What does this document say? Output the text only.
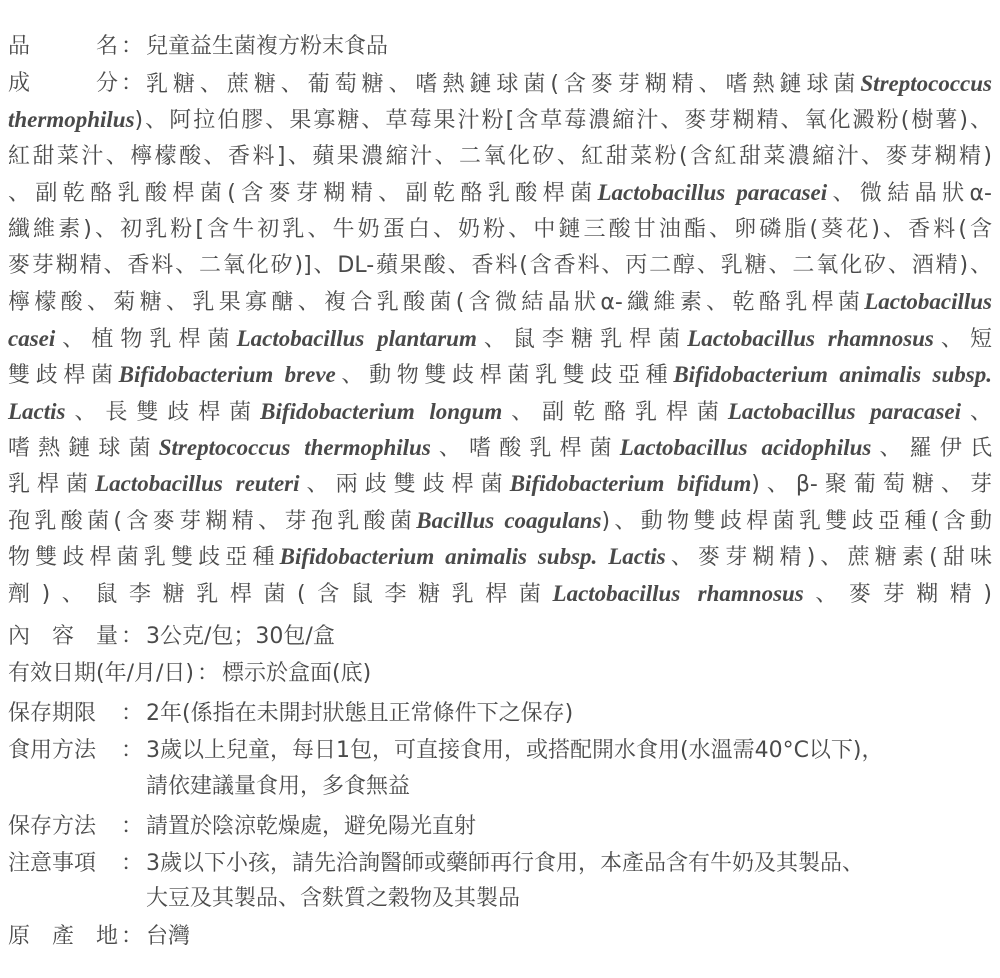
品	名 ： 兒童益生菌複方粉末食品
成	分 ： 乳糖、蔗糖、葡萄糖、嗜熱鏈球菌(含麥芽糊精、嗜熱鏈球菌Streptococcus
thermophilus)、阿拉伯膠、果寡糖、草莓果汁粉[含草莓濃縮汁、麥芽糊精、氧化澱粉(樹薯)、
紅甜菜汁、檸檬酸、香料]、蘋果濃縮汁、二氧化矽、紅甜菜粉(含紅甜菜濃縮汁、麥芽糊精)
、副乾酪乳酸桿菌(含麥芽糊精、副乾酪乳酸桿菌Lactobacillus paracasei、微結晶狀α-
纖維素)、初乳粉[含牛初乳、牛奶蛋白、奶粉、中鏈三酸甘油酯、卵磷脂(葵花)、香料(含
麥芽糊精、香料、二氧化矽)]、DL-蘋果酸、香料(含香料、丙二醇、乳糖、二氧化矽、酒精)、
檸檬酸、菊糖、乳果寡醣、複合乳酸菌(含微結晶狀α-纖維素、乾酪乳桿菌Lactobacillus
casei、植物乳桿菌Lactobacillus plantarum、鼠李糖乳桿菌Lactobacillus rhamnosus、短
雙歧桿菌Bifidobacterium breve、動物雙歧桿菌乳雙歧亞種Bifidobacterium animalis subsp.
Lactis、長雙歧桿菌Bifidobacterium longum、副乾酪乳桿菌Lactobacillus paracasei、
嗜熱鏈球菌Streptococcus thermophilus、嗜酸乳桿菌Lactobacillus acidophilus、羅伊氏
乳桿菌Lactobacillus reuteri、兩歧雙歧桿菌Bifidobacterium bifidum)、β-聚葡萄糖、芽
孢乳酸菌(含麥芽糊精、芽孢乳酸菌Bacillus coagulans)、動物雙歧桿菌乳雙歧亞種(含動
物雙歧桿菌乳雙歧亞種Bifidobacterium animalis subsp. Lactis、麥芽糊精)、蔗糖素(甜味
劑)、鼠李糖乳桿菌(含鼠李糖乳桿菌Lactobacillus rhamnosus、麥芽糊精)
內 容 量 ： 3公克/包；30包/盒
有效日期(年/月/日) ： 標示於盒面(底)
保存期限	： 2年(係指在未開封狀態且正常條件下之保存)
食用方法	： 3歲以上兒童，每日1包，可直接食用，或搭配開水食用(水溫需40°C以下)，
請依建議量食用，多食無益
保存方法	： 請置於陰涼乾燥處，避免陽光直射
注意事項	： 3歲以下小孩，請先洽詢醫師或藥師再行食用，本產品含有牛奶及其製品、
大豆及其製品、含麩質之穀物及其製品
原 產 地 ： 台灣
